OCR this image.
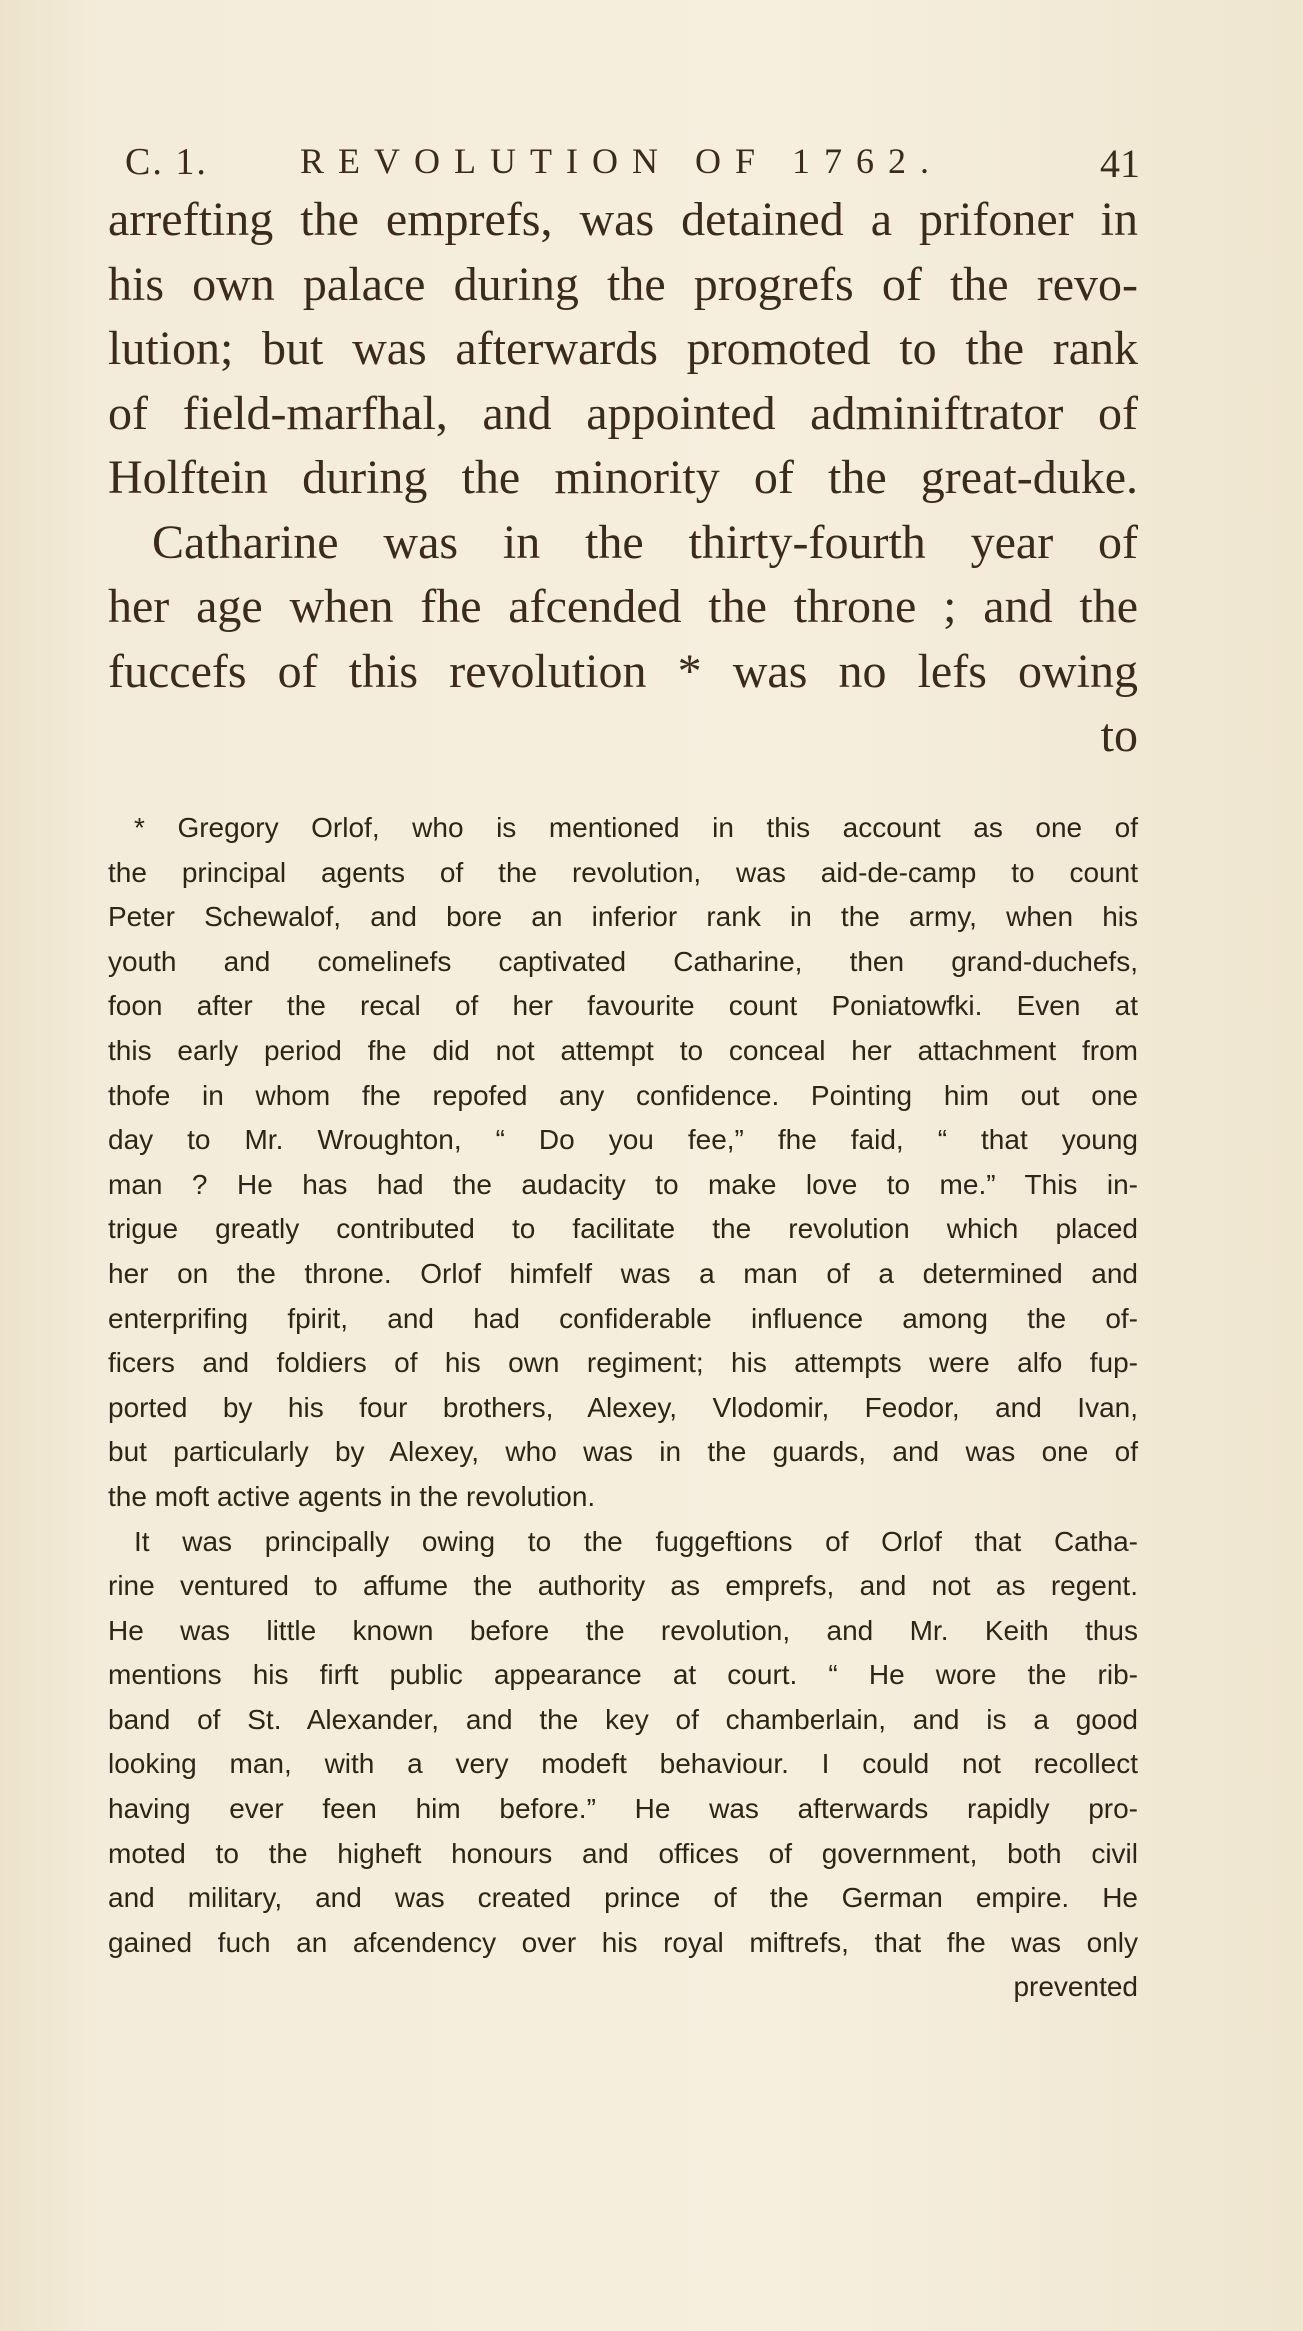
C. 1.	REVOLUTION OF 1762.	41
arrefting the emprefs, was detained a prifoner in
his own palace during the progrefs of the revo-
lution; but was afterwards promoted to the rank
of field-marfhal, and appointed adminiftrator of
Holftein during the minority of the great-duke.
Catharine was in the thirty-fourth year of
her age when fhe afcended the throne ; and the
fuccefs of this revolution * was no lefs owing
to
* Gregory Orlof, who is mentioned in this account as one of
the principal agents of the revolution, was aid-de-camp to count
Peter Schewalof, and bore an inferior rank in the army, when his
youth and comelinefs captivated Catharine, then grand-duchefs,
foon after the recal of her favourite count Poniatowfki. Even at
this early period fhe did not attempt to conceal her attachment from
thofe in whom fhe repofed any confidence. Pointing him out one
day to Mr. Wroughton, “ Do you fee,” fhe faid, “ that young
man ? He has had the audacity to make love to me.” This in-
trigue greatly contributed to facilitate the revolution which placed
her on the throne. Orlof himfelf was a man of a determined and
enterprifing fpirit, and had confiderable influence among the of-
ficers and foldiers of his own regiment; his attempts were alfo fup-
ported by his four brothers, Alexey, Vlodomir, Feodor, and Ivan,
but particularly by Alexey, who was in the guards, and was one of
the moft active agents in the revolution.
It was principally owing to the fuggeftions of Orlof that Catha-
rine ventured to affume the authority as emprefs, and not as regent.
He was little known before the revolution, and Mr. Keith thus
mentions his firft public appearance at court. “ He wore the rib-
band of St. Alexander, and the key of chamberlain, and is a good
looking man, with a very modeft behaviour. I could not recollect
having ever feen him before.” He was afterwards rapidly pro-
moted to the higheft honours and offices of government, both civil
and military, and was created prince of the German empire. He
gained fuch an afcendency over his royal miftrefs, that fhe was only
prevented
